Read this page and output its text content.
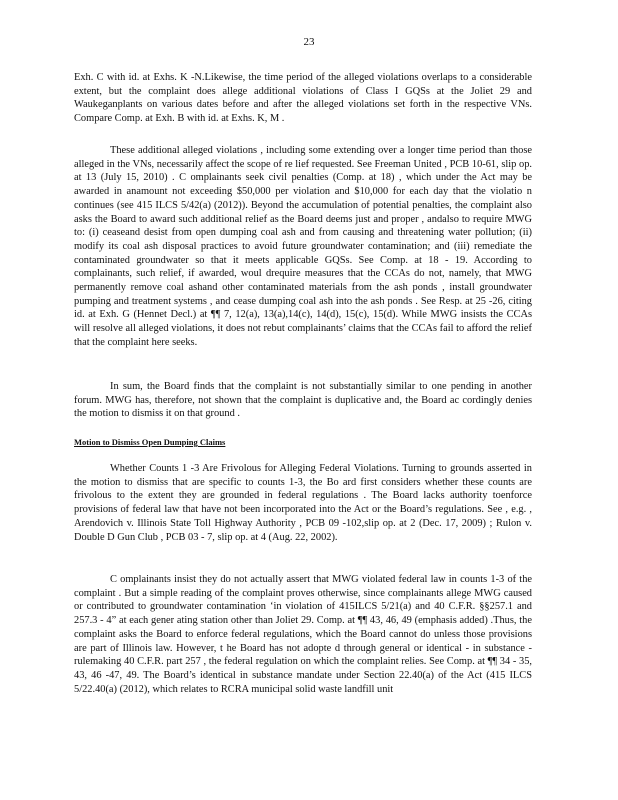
23

Exh. C with id. at Exhs. K -N.Likewise, the time period of the alleged violations overlaps to a considerable extent, but the complaint does allege additional violations of Class I GQSs at the Joliet 29 and Waukeganplants on various dates before and after the alleged violations set forth in the respective VNs. Compare Comp. at Exh. B with id. at Exhs. K, M .

These additional alleged violations , including some extending over a longer time period than those alleged in the VNs, necessarily affect the scope of re lief requested. See Freeman United , PCB 10-61, slip op. at 13 (July 15, 2010) . C omplainants seek civil penalties (Comp. at 18) , which under the Act may be awarded in anamount not exceeding $50,000 per violation and $10,000 for each day that the violatio n continues (see 415 ILCS 5/42(a) (2012)). Beyond the accumulation of potential penalties, the complaint also asks the Board to award such additional relief as the Board deems just and proper , andalso to require MWG to: (i) ceaseand desist from open dumping coal ash and from causing and threatening water pollution; (ii) modify its coal ash disposal practices to avoid future groundwater contamination; and (iii) remediate the contaminated groundwater so that it meets applicable GQSs. See Comp. at 18 - 19. According to complainants, such relief, if awarded, woul drequire measures that the CCAs do not, namely, that MWG permanently remove coal ashand other contaminated materials from the ash ponds , install groundwater pumping and treatment systems , and cease dumping coal ash into the ash ponds . See Resp. at 25 -26, citing id. at Exh. G (Hennet Decl.) at ¶¶ 7, 12(a), 13(a),14(c), 14(d), 15(c), 15(d). While MWG insists the CCAs will resolve all alleged violations, it does not rebut complainants’ claims that the CCAs fail to afford the relief that the complaint here seeks.

In sum, the Board finds that the complaint is not substantially similar to one pending in another forum. MWG has, therefore, not shown that the complaint is duplicative and, the Board ac cordingly denies the motion to dismiss it on that ground .

Motion to Dismiss Open Dumping Claims

Whether Counts 1 -3 Are Frivolous for Alleging Federal Violations. Turning to grounds asserted in the motion to dismiss that are specific to counts 1-3, the Bo ard first considers whether these counts are frivolous to the extent they are grounded in federal regulations . The Board lacks authority toenforce provisions of federal law that have not been incorporated into the Act or the Board’s regulations. See , e.g. , Arendovich v. Illinois State Toll Highway Authority , PCB 09 -102,slip op. at 2 (Dec. 17, 2009) ; Rulon v. Double D Gun Club , PCB 03 - 7, slip op. at 4 (Aug. 22, 2002).

C omplainants insist they do not actually assert that MWG violated federal law in counts 1-3 of the complaint . But a simple reading of the complaint proves otherwise, since complainants allege MWG caused or contributed to groundwater contamination ‘in violation of 415ILCS 5/21(a) and 40 C.F.R. §§257.1 and 257.3 - 4” at each gener ating station other than Joliet 29. Comp. at ¶¶ 43, 46, 49 (emphasis added) .Thus, the complaint asks the Board to enforce federal regulations, which the Board cannot do unless those provisions are part of Illinois law. However, t he Board has not adopte d through general or identical - in substance -rulemaking 40 C.F.R. part 257 , the federal regulation on which the complaint relies. See Comp. at ¶¶ 34 - 35, 43, 46 -47, 49. The Board’s identical in substance mandate under Section 22.40(a) of the Act (415 ILCS 5/22.40(a) (2012), which relates to RCRA municipal solid waste landfill unit
